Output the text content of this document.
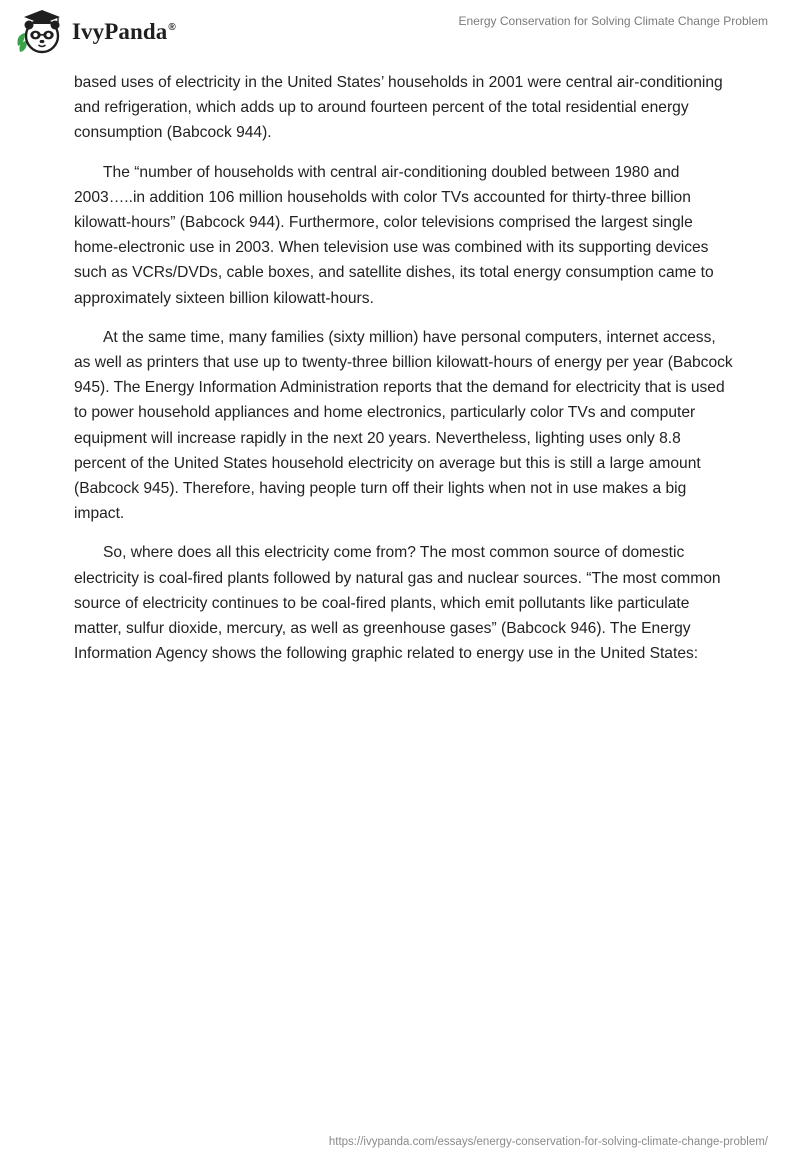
IvyPanda®	Energy Conservation for Solving Climate Change Problem

based uses of electricity in the United States’ households in 2001 were central air-conditioning and refrigeration, which adds up to around fourteen percent of the total residential energy consumption (Babcock 944).

The “number of households with central air-conditioning doubled between 1980 and 2003…..in addition 106 million households with color TVs accounted for thirty-three billion kilowatt-hours” (Babcock 944). Furthermore, color televisions comprised the largest single home-electronic use in 2003. When television use was combined with its supporting devices such as VCRs/DVDs, cable boxes, and satellite dishes, its total energy consumption came to approximately sixteen billion kilowatt-hours.

At the same time, many families (sixty million) have personal computers, internet access, as well as printers that use up to twenty-three billion kilowatt-hours of energy per year (Babcock 945). The Energy Information Administration reports that the demand for electricity that is used to power household appliances and home electronics, particularly color TVs and computer equipment will increase rapidly in the next 20 years. Nevertheless, lighting uses only 8.8 percent of the United States household electricity on average but this is still a large amount (Babcock 945). Therefore, having people turn off their lights when not in use makes a big impact.

So, where does all this electricity come from? The most common source of domestic electricity is coal-fired plants followed by natural gas and nuclear sources. “The most common source of electricity continues to be coal-fired plants, which emit pollutants like particulate matter, sulfur dioxide, mercury, as well as greenhouse gases” (Babcock 946). The Energy Information Agency shows the following graphic related to energy use in the United States:

https://ivypanda.com/essays/energy-conservation-for-solving-climate-change-problem/
